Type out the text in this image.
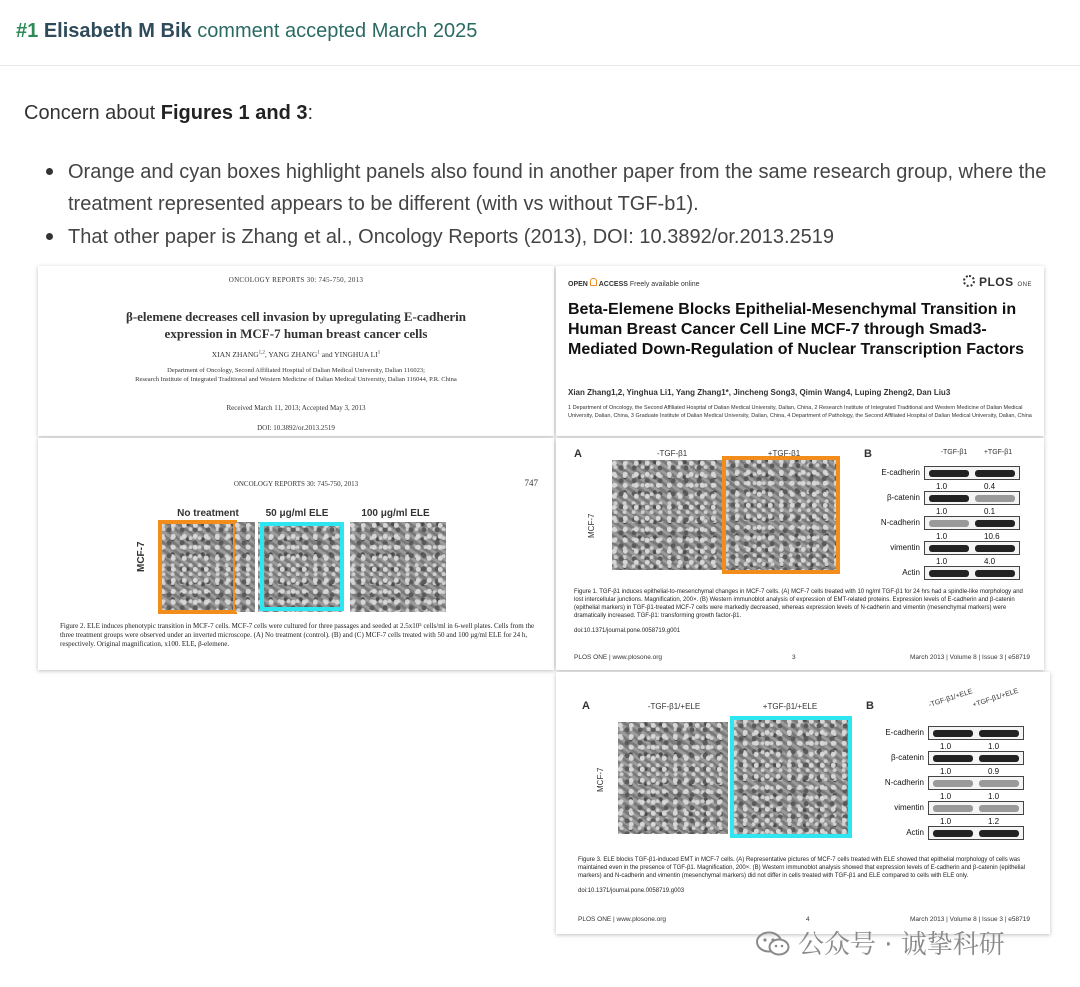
#1 Elisabeth M Bik comment accepted March 2025
Concern about Figures 1 and 3:
Orange and cyan boxes highlight panels also found in another paper from the same research group, where the treatment represented appears to be different (with vs without TGF-b1).
That other paper is Zhang et al., Oncology Reports (2013), DOI: 10.3892/or.2013.2519
ONCOLOGY REPORTS 30: 745-750, 2013
β-elemene decreases cell invasion by upregulating E-cadherin
expression in MCF-7 human breast cancer cells
XIAN ZHANG$^{1,2}$, YANG ZHANG$^1$ and YINGHUA $LI^1$
Department of Oncology, Second Affiliated Hospital of Dalian Medical University, Dalian 116023;
Research Institute of Integrated Traditional and Western Medicine of Dalian Medical University, Dalian 116044, P.R. China
Received March 11, 2013; Accepted May 3, 2013
DOI: 10.3892/or.2013.2519
ONCOLOGY REPORTS 30: 745-750, 2013	747
No treatment	50 μg/ml ELE	100 μg/ml ELE
MCF-7
Figure 2. ELE induces phenotypic transition in MCF-7 cells. MCF-7 cells were cultured for three passages and seeded at 2.5x10⁵ cells/ml in 6-well plates. Cells from the three treatment groups were observed under an inverted microscope. (A) No treatment (control). (B) and (C) MCF-7 cells treated with 50 and 100 μg/ml ELE for 24 h, respectively. Original magnification, x100. ELE, β-elemene.
OPEN ACCESS Freely available online	PLOS ONE
Beta-Elemene Blocks Epithelial-Mesenchymal Transition in Human Breast Cancer Cell Line MCF-7 through Smad3-Mediated Down-Regulation of Nuclear Transcription Factors
Xian Zhang1,2, Yinghua Li1, Yang Zhang1*, Jincheng Song3, Qimin Wang4, Luping Zheng2, Dan Liu3
1 Department of Oncology, the Second Affiliated Hospital of Dalian Medical University, Dalian, China, 2 Research Institute of Integrated Traditional and Western Medicine of Dalian Medical University, Dalian, China, 3 Graduate Institute of Dalian Medical University, Dalian, China, 4 Department of Pathology, the Second Affiliated Hospital of Dalian Medical University, Dalian, China
A	B
-TGF-β1	+TGF-β1
MCF-7
-TGF-β1	+TGF-β1
Figure 1. TGF-β1 induces epithelial-to-mesenchymal changes in MCF-7 cells. (A) MCF-7 cells treated with 10 ng/ml TGF-β1 for 24 hrs had a spindle-like morphology and lost intercellular junctions. Magnification, 200×. (B) Western immunoblot analysis of expression of EMT-related proteins. Expression levels of E-cadherin and β-catenin (epithelial markers) in TGF-β1-treated MCF-7 cells were markedly decreased, whereas expression levels of N-cadherin and vimentin (mesenchymal markers) were dramatically increased. TGF-β1: transforming growth factor-β1.
doi:10.1371/journal.pone.0058719.g001
PLOS ONE | www.plosone.org	3	March 2013 | Volume 8 | Issue 3 | e58719
E-cadherin
1.0	0.4
β-catenin
1.0	0.1
N-cadherin
1.0	10.6
vimentin
1.0	4.0
Actin
A	B
-TGF-β1/+ELE	+TGF-β1/+ELE
MCF-7
-TGF-β1/+ELE
+TGF-β1/+ELE
Figure 3. ELE blocks TGF-β1-induced EMT in MCF-7 cells. (A) Representative pictures of MCF-7 cells treated with ELE showed that epithelial morphology of cells was maintained even in the presence of TGF-β1. Magnification, 200×. (B) Western immunoblot analysis showed that expression levels of E-cadherin and β-catenin (epithelial markers) and N-cadherin and vimentin (mesenchymal markers) did not differ in cells treated with TGF-β1 and ELE compared to cells with ELE only.
doi:10.1371/journal.pone.0058719.g003
PLOS ONE | www.plosone.org	4	March 2013 | Volume 8 | Issue 3 | e58719
E-cadherin
1.0	1.0
β-catenin
1.0	0.9
N-cadherin
1.0	1.0
vimentin
1.0	1.2
Actin
公众号 · 诚挚科研
